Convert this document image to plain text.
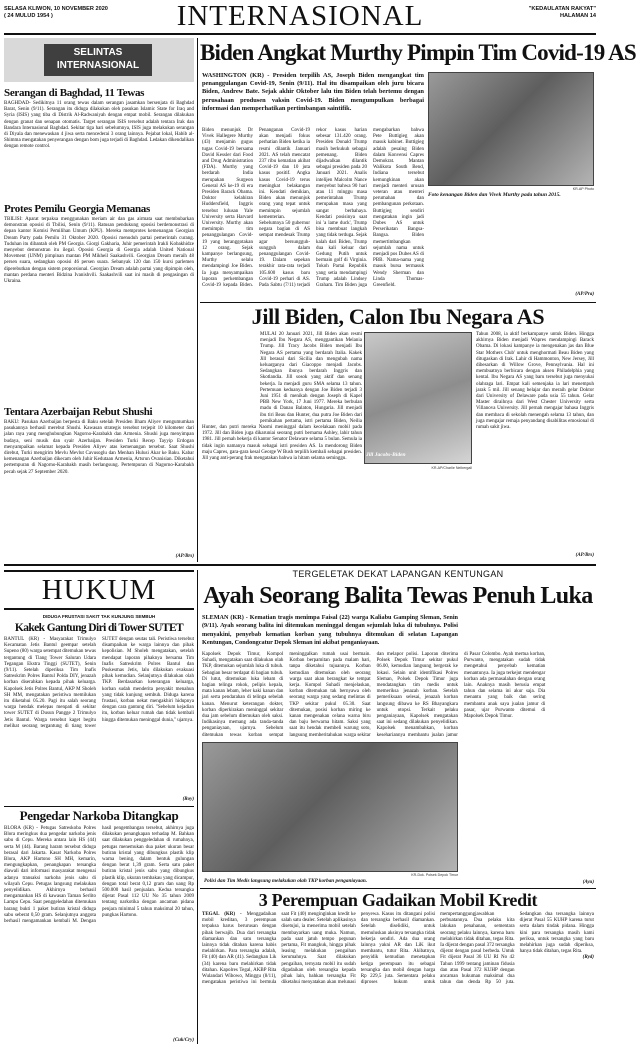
SELASA KLIWON, 10 NOVEMBER 2020
( 24 MULUD 1954 )	INTERNASIONAL	"KEDAULATAN RAKYAT"
HALAMAN 14
SELINTAS
INTERNASIONAL
Serangan di Baghdad, 11 Tewas
BAGHDAD- Sedikitnya 11 orang tewas dalam serangan jasamkan bersenjata di Baghdad Barat, Senin (9/11). Serangan itu diduga dilakukan oleh pasukan Islamic State for Iraq and Syria (ISIS) yang tiba di Distrik Al-Radwaniyah dengan empat mobil. Serangan dilakukan dengan granat dan senapan otomatis. Target serangan ISIS tersebut adalah tentara Irak dan Bandara Internasional Baghdad. Sekitar tiga hari sebelumnya, ISIS juga melakukan serangan di Diyala dan menewaskan 4 jiwa serta mencederai 3 orang lainnya. Pejabat lokal, Habib al-Shimma mengatakan penyerangan dengan bom juga terjadi di Baghdad. Ledakan dikendalikan dengan remote control.
Protes Pemilu Georgia Memanas
TBILISI: Aparat terpaksa menggunakan meriam air dan gas airmata saat membubarkan demonstran oposisi di Tbilisi, Senin (9/11). Ratusan pendukung oposisi berdemonstrasi di depan kantor Komisi Pemilihan Umum (KPU). Mereka memprotes kemenangan Georgian Dream Party pada Pemilu 31 Oktober 2020. Oposisi menuduh partai pemerintah curang. Tuduhan itu dibantah oleh PM Georgia. Giorgi Gakharia, Juhir pemerintah Irakli Kobakhidze menyebut demonstran itu ilegal. Oposisi Georgia di Georgia adalah United National Movement (UNM) pimpinan mantan PM Mikheil Saakashvili. Georgian Dream meraih 48 persen suara, sedangkan oposisi 46 persen suara. Sebanyak 120 dan 150 kursi parlemen diperebutkan dengan sistem proporsional. Georgian Dream adalah partai yang dipimpin oleh, mantan perdana menteri Bidzina Ivanishvili. Saakashvili saat ini masih di pengasingan di Ukraina.
Tentara Azerbaijan Rebut Shushi
BAKU: Pasukan Azerbaijan berpesta di Baku setelah Presiden Ilham Aliyev mengumumkan pasukannya berhasil merebut Shushi. Kawasan strategis tersebut terjepit 10 kilometer dari jalan raya yang menghubungkan Nagorno-Karabakh dan Armenia. Shushi juga menyimpan budaya, seni musik dan syair Azerbaijan. Presiden Turki Recep Tayyip Erdogan menyampaikan selamat kepada Presiden Aliyev atas kemenangan tersebut. Saat Shushi direbut, Turki mengirim Mevlu Mevlut Cavusoglu dan Menhan Hulusi Akar ke Baku. Kabar kemenangan Azerbaijan dikecam oleh Juhir Kedutaan Armenia, Artsrun Ovanisian. Diketahui pertempuran di Nagorno-Karabakh masih berlangsung. Pertempuran di Nagorno-Karabakh pecah sejak 27 September 2020.
(AP/Brs)
Biden Angkat Murthy Pimpin Tim Covid-19 AS
WASHINGTON (KR) - Presiden terpilih AS, Joseph Biden mengangkat tim penanggulangan Covid-19, Senin (9/11). Hal itu disampaikan oleh juru bicara Biden, Andrew Bate. Sejak akhir Oktober lalu tim Biden telah bertemu dengan perusahaan produsen vaksin Covid-19. Biden mengumpulkan berbagai informasi dan memperhatikan pertimbangan saintifik.
KR-AP Photo
Foto kenangan Biden dan Vivek Murthy pada tahun 2015.
Biden menunjuk Dr Vivek Hallegere Murthy (43) menjamin gugus tugas Covid-19 bersama David Kessler dari Food and Drug Administration (FDA). Murthy yang berdarah India merupakan Surgeon General AS ke-19 di era Presiden Barack Obama. Doktor kelahiran Huddersfield, Inggris tersebut lulusan Yale University serta Harvard University. Murthy akan memimpin tim penanggulangan Covid-19 yang beranggotakan 12 orang. Sejak kampanye berlangsung, Murthy selalu mendampingi Joe Biden. Ia juga menyampaikan laporan perkembangan Covid-19 kepada Biden. Penanganan Covid-19 akan menjadi fokus perhatian Biden ketika ia resmi dilantik Januari 2021. AS telah mencatat 237 ribu kematian akibat Covid-19 dan 10 juta kasus positif. Angka kasus Covid-19 terus meningkat belakangan ini. Kendati demikian, Biden akan menunjuk orang yang tepat untuk memimpin sejumlah kementerian. Sebelumnya 50 gubernur negara bagian di AS sempat mendesak Trump agar bersungguh-sungguh dalam penanggulangan Covid-19. Dalam sepekan terakhir rata-rata terjadi 105.600 kasus baru Covid-19 perhari di AS. Pada Sabtu (7/11) terjadi rekor kasus harian sebesar 131.420 orang. Presiden Donald Trump masih berkukuh sebagai pemenang. Biden dijadwalkan dilantik sebagai presiden pada 20 Januari 2021. Analis intelijen Malcolm Nance menyebut bahwa 90 hari atau 11 minggu masa pemerintahan Trump merupakan masa yang sangat berbahaya. Kendati posisinya saat ini 'a lame duck', Trump bisa membuat langkah yang tidak terduga. Sejak kalah dari Biden, Trump dua kali keluar dari Gedung Putih untuk bermain golf di Virginia. Tokoh Partai Republik yang setia mendampingi Trump adalah Lindsey Graham. Tim Biden juga mengabarkan bahwa Pete Buttigieg akan masuk kabinet. Buttigieg adalah pesaing Biden dalam Konvensi Capres Demokrat. Mantan Walikota South Bend, Indiana tersebut kemungkinan akan menjadi menteri urusan veteran atau menteri perumahan dan pembangunan perkotaan. Buttigieg sendiri mengatakan ingin jadi Dubes AS untuk Perserikatan Bangsa-Bangsa. Biden memertimbangkan sejumlah nama untuk menjadi pos Dubes AS di PBB. Nama-nama yang masuk bursa termasuk Wendy Sherman dan Linda Thomas-Greenfield.
(AP/Pra)
Jill Biden, Calon Ibu Negara AS
MULAI 20 Januari 2021, Jill Biden akan resmi menjadi Ibu Negara AS, menggantikan Melania Trump. Jill Tracy Jacobs Biden menjadi Ibu Negara AS pertama yang berdarah Italia. Kakek Jill berasal dari Sicilia dan mengubah nama keluarganya dari Giacoppo menjadi Jacobs. Sedangkan ibunya berdarah Inggris dan Skotlandia. Jill sosok yang aktif dan senang bekerja. Ia menjadi guru SMA selama 13 tahun. Pertemuan keduanya dengan Joe Biden terjadi 3 Juni 1951 di menikah dengan Joseph di Kapel PBB New York, 17 Juni 1977. Mereka berbulan madu di Danau Balaton, Hungaria. Jill menjadi ibu tiri Beau dan Hunter, dua putra Joe Biden dari pernikahan pertama, istri pertama Biden, Neilia Hunter, dan putri mereka Naomi meninggal dalam kecelakaan mobil pada 1972. Jill dan Biden juga dikaruniai seorang putri bernama Ashley, lahir tahun 1981. Jill pernah bekerja di kantor Senator Delaware selama 5 bulan. Semula ia tidak ingin namanya masuk sebagai istri presiden AS. Ia mendorong Biden maju Capres, gara-gara kesal George W Bush terpilih kembali sebagai presiden. Jill yang anti-perang frak mengatakan bahwa ia hitam selama seminggu.
KR-AP/Charlie Neibergall
Jill Jacobs-Biden
Tahun 2008, ia aktif berkampanye untuk Biden. Hingga akhirnya Biden menjadi Wapres mendampingi Barack Obama. Di lokasi kampanye ia mengenakan jas dan Blue Star Mothers Club' untuk menghormati Beau Biden yang ditugaskan di Irak. Lahir di Hammonton, New Jersey, Jill dibesarkan di Willow Grove, Pennsylvania. Hal ini membuatnya berbicara dengan aksen Philadelphia yang kental. Ibu Negara AS yang baru tersebut juga menyukai olahraga lari. Empat kali semenjaka ia lari menempuh jarak 5 mil. Jill senang belajar dan meraih gelar Doktor dari University of Delaware pada usia 55 tahun. Gelar Master diraihnya dari West Chester University serta Villanova University. Jill pernah mengajar bahasa Inggris dan membaca di sekolah menengah selama 13 tahun, dan juga mengajar remaja penyandang disabilitas emosional di rumah sakit jiwa.
(AP/Brs)
HUKUM
DIDUGA FRUSTASI SAKIT TAK KUNJUNG SEMBUH
Kakek Gantung Diri di Tower SUTET
BANTUL (KR) - Masyarakat Trimulyo Kecamatan Jetis Bantul geempar setelah Supeno (80) warga setempat ditemukan tewas tergantung di Tiang Tower Saluran Udara Tegangan Ekstra Tinggi (SUTET), Senin (9/11). Setelah diperiksa Tim Inafis Satreskrim Polres Bantul Polda DIY, jenazah korban diserahkan kepada pihak keluarga. Kapolsek Jetis Polres Bantul, AKP M Sholeh SH MM, mengatakan peristiwa memilukan itu diketahui 05.20. Pagi itu salah seorang warga hendak melepas menpati di sekitar tower SUTET di Dusun Pangge 2 Trimulyo Jetis Bantul. Warga tersebut kaget begitu melihat seorang tergantung di tiang tower SUTET dengan seutas tali. Peristiwa tersebut disampaikan ke warga lainnya dan pihak kepolisian. M Sholeh mengatakan, setelah mendapat laporan pihaknya bersama Tim Inafis Satreskrim Polres Bantul dan Puskesmas Jetis, lalu dilakukan evakuasi pihak kemudian. Selanjutnya dilakukan olah TKP. Berdasarkan keterangan keluarga, korban sudah menderita penyakit menahun yang tidak kunjung sembuh. Diduga karena frustasi, korban nekat mengakhiri hidupnya dengan cara gantung diri. "Sebelum kejadian itu, korban keluar rumah dan tidak kembali hingga ditemukan meninggal dunia," ujarnya.
(Roy)
Pengedar Narkoba Ditangkap
BLORA (KR) - Petugas Satreskoba Polres Blora meringkus dua pengedar narkoba jenis sabu di Cepu. Mereka antara lain HS (44) serta M (44). Barang haram tersebut diduga berasal dari Jakarta. Kasat Narkoba Polres Blora, AKP Hartono SH MH, kemarin, mengungkapkan, penangkapan tersangka diawali dari informasi masyarakat mengenai adanya transaksi narkoba jenis sabu di wilayah Cepu. Petugas langsung melakukan penyelidikan. Akhirnya berhasil mengamankan HS di kawasan Taman Serlito Lampu Cepu. Saat penggeledahan ditemukan barang bukti 1 paket butiran kristal diduga sabu seberat 0,50 gram. Selanjutnya anggota berhasil mengamankan kembali M. Dengan hasil pengembangan tersebut, akhirnya juga dilakukan penangkapan terhadap M. Bahkan saat dilakukan penggeledahan di rumahnya, petugas menemukan dua paket ukuran besar butiran kristal yang dibungkus plastik klip warna bening, dalam bentuk gulungan dengan berat 1,39 gram. Serta satu paket butiran kristal jenis sabu yang dibungkus plastik klip, ukuran tembakau yang dicampur, dengan total berat 0,12 gram dan uang Rp 500.000 hasil penjualan. Kedua tersangka dijerat Pasal 112 UU No 35 tahun 2009 tentang narkotika dengan ancaman pidana penjara minimal 5 tahun maksimal 20 tahun, pungkas Hartono.
(Cuk/Cry)
TERGELETAK DEKAT LAPANGAN KENTUNGAN
Ayah Seorang Balita Tewas Penuh Luka
SLEMAN (KR) - Kematian tragis menimpa Faisal (22) warga Kaliabu Gamping Sleman, Senin (9/11). Ayah seorang balita ini ditemukan meninggal dengan sejumlah luka di tubuhnya. Polisi menyakini, penyebab kematian korban yang tubuhnya ditemukan di selatan Lapangan Kentungan, Condongcatur Depok Sleman ini akibat penganiayaan.
Kapolsek Depok Timur, Kompol Suhadi, mengatakan saat dilakukan olah TKP, ditemukan sejumlah luka di tubuh. Sebagian besar terdapat di bagian tubuh. Di lutut, ditemukan luka lebam di bagian telinga rokok, pelipis kepala, mata kanan lebam, leher kaki kanan dan jari serta pendarahan di telinga sebelah kanan. Menurut keterangan dokter, korban diperkirakan meninggal sekitar dua jam sebelum ditemukan oleh saksi. Indikasinya memang ada tanda-tanda penganiayaan, ujarnya. Sebelum ditemukan tewas korban sempat meninggalkan rumah usai bermain. Korban berpamitan pada malam hari, tanpa diketahui tujuannya. Korban kemudian ditemukan oleh seorang warga saat akan berangkat ke tempat kerja. Kompol Suhadi menjelaskan, korban ditemukan tak bernyawa oleh seorang warga yang sedang melintas di TKP sekitar pukul 05.30. Saat ditemukan, posisi korban miring ke kanan mengenakan celana warna biru dan baju berwarna hitam. Saksi yang saat itu hendak membeli warung soto, langsung memberitahukan warga sekitar dan melapor polisi. Laporan diterima Polsek Depok Timur sekitar pukul 06.00, kemudian langsung bergerak ke lokasi. Selain unit identifikasi Polres Sleman, Polsek Depok Timur juga mendatangkan tim medis untuk memeriksa jenazah korban. Setelah pemeriksaan selesai, jenazah korban langsung dibawa ke RS Bhayangkara untuk otopsi. Terkait pelaku penganiayaan, Kapolsek mengatakan saat ini sedang dilakukan penyelidikan. Kapolsek menambahkan, korban kesehariannya membantu jualan jamur di Pasar Colombo. Ayah mertua korban, Purwanto, mengatakan sudah tidak mengetahui penyebab kematian menantunya. Ia juga terkejut mendengar korban ada permasalahan dengan orang lain. Anaknya masih berusia empat tahun dan selama ini akur saja. Dia menantu yang baik dan sering membantu anak saya jualan jamur di pasar, ujar Purwanto ditemui di Mapolsek Depok Timur.
KR-Dok. Polsek Depok Timur
Polisi dan Tim Medis langsung melakukan olah TKP korban penganiayaan.	(Ayu)
3 Perempuan Gadaikan Mobil Kredit
TEGAL (KR) - Menggadaikan mobil kreditan, 3 perempuan terpaksa harus berurusan dengan pihak berwajib. Dua dari tersangka diamankan dan satu tersangka lainnya tidak ditahan karena habis melahirkan. Para tersangka adalah, Fit (40) dan AR (41). Sedangkan Lik (34) karena baru melahirkan tidak ditahan. Kapolres Tegal, AKBP Rita Wulandari Wibowo, Minggu (8/11), mengatakan peristiwa ini bermula saat Fit (40) menginginkan kredit ke salah satu dealer. Setelah aplikasinya disetujui, ia menerima mobil setelah membayarkan uang muka. Namun, pada saat jatuh tempo pegunan pertama, Fit mangkuk, hingga pihak leasing melakukan pengaihan kerumahnya. Saat dilakukan pengaihan, ternyata mobil itu sudah digadaikan oleh tersangka kepada pihak lain, bahkan tersangka Fit diketahui menyatakan akan melunasi penyewa. Kasus itu ditangani polisi dan tersangka berhasil diamankan. Setelah diselidiki, untuk memuluskan aksinya tersangka tidak bekerja sendiri. Ada dua orang lainnya yakni AR dan LiK ikut membantu, tutur Rita. Akibatnya, penyidik kemudian menetapkan ketiga perempuan itu sebagai tersangka dan mobil dengan harga Rp 229,5 juta. Sementara pelaku diproses hukum untuk mempertanggungjawabkan perbuatannya. Dua pelaku kita lakukan penahanan, sementara seorang pelaku lainnya, karena baru melahirkan tidak ditahan, tegas Rita. Ia dijerat dengan pasal 372 tersangka dijerat dengan pasal berbeda. Untuk Fit dijerat Pasal 36 UU RI No 42 Tahun 1999 tentang jaminan fidusia dan atau Pasal 372 KUHP dengan ancaman hukuman maksimal dua tahun dan denda Rp 50 juta. Sedangkan dua tersangka lainnya dijerat Pasal 55 KUHP karena turut serta dalam tindak pidana. Hingga kini para tersangka masih kami periksa, untuk tersangka yang baru melahirkan juga sudah diperiksa, hanya tidak ditahan, tegas Rita.
(Ryd)
